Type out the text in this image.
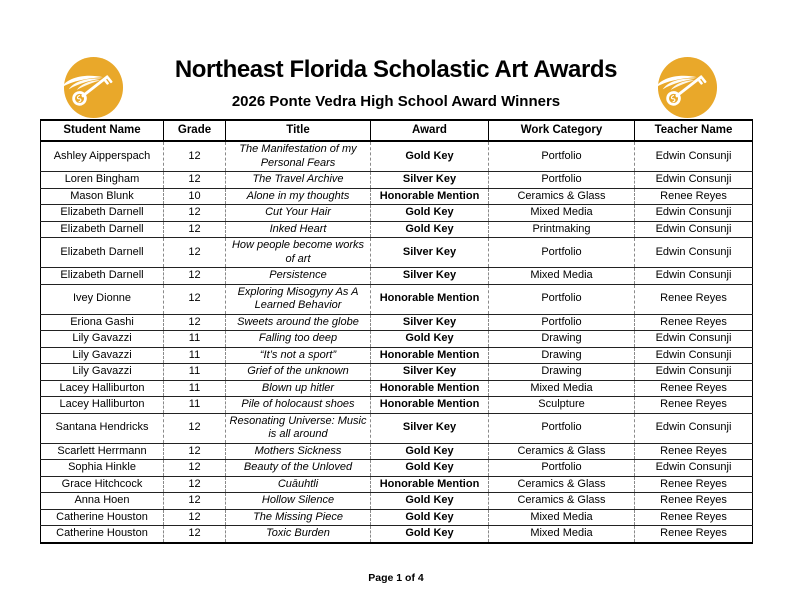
Northeast Florida Scholastic Art Awards
2026 Ponte Vedra High School Award Winners
Student Name	Grade	Title	Award	Work Category	Teacher Name
Ashley Aipperspach	12	The Manifestation of my Personal Fears	Gold Key	Portfolio	Edwin Consunji
Loren Bingham	12	The Travel Archive	Silver Key	Portfolio	Edwin Consunji
Mason Blunk	10	Alone in my thoughts	Honorable Mention	Ceramics & Glass	Renee Reyes
Elizabeth Darnell	12	Cut Your Hair	Gold Key	Mixed Media	Edwin Consunji
Elizabeth Darnell	12	Inked Heart	Gold Key	Printmaking	Edwin Consunji
Elizabeth Darnell	12	How people become works of art	Silver Key	Portfolio	Edwin Consunji
Elizabeth Darnell	12	Persistence	Silver Key	Mixed Media	Edwin Consunji
Ivey Dionne	12	Exploring Misogyny As A Learned Behavior	Honorable Mention	Portfolio	Renee Reyes
Eriona Gashi	12	Sweets around the globe	Silver Key	Portfolio	Renee Reyes
Lily Gavazzi	11	Falling too deep	Gold Key	Drawing	Edwin Consunji
Lily Gavazzi	11	“It’s not a sport”	Honorable Mention	Drawing	Edwin Consunji
Lily Gavazzi	11	Grief of the unknown	Silver Key	Drawing	Edwin Consunji
Lacey Halliburton	11	Blown up hitler	Honorable Mention	Mixed Media	Renee Reyes
Lacey Halliburton	11	Pile of holocaust shoes	Honorable Mention	Sculpture	Renee Reyes
Santana Hendricks	12	Resonating Universe: Music is all around	Silver Key	Portfolio	Edwin Consunji
Scarlett Herrmann	12	Mothers Sickness	Gold Key	Ceramics & Glass	Renee Reyes
Sophia Hinkle	12	Beauty of the Unloved	Gold Key	Portfolio	Edwin Consunji
Grace Hitchcock	12	Cuāuhtli	Honorable Mention	Ceramics & Glass	Renee Reyes
Anna Hoen	12	Hollow Silence	Gold Key	Ceramics & Glass	Renee Reyes
Catherine Houston	12	The Missing Piece	Gold Key	Mixed Media	Renee Reyes
Catherine Houston	12	Toxic Burden	Gold Key	Mixed Media	Renee Reyes
Page 1 of 4
